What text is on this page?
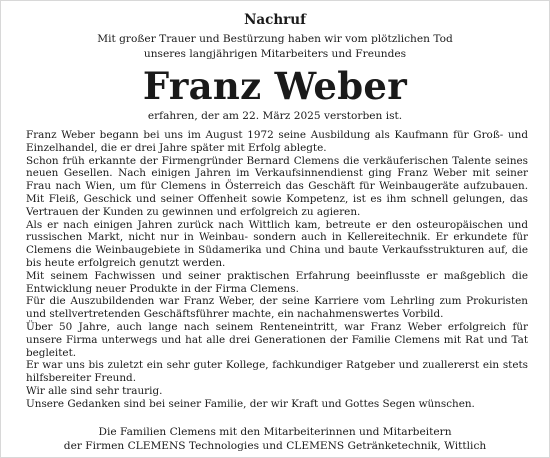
Nachruf
Mit großer Trauer und Bestürzung haben wir vom plötzlichen Tod
unseres langjährigen Mitarbeiters und Freundes
Franz Weber
erfahren, der am 22. März 2025 verstorben ist.

Franz Weber begann bei uns im August 1972 seine Ausbildung als Kaufmann für Groß- und Einzelhandel, die er drei Jahre später mit Erfolg ablegte.

Schon früh erkannte der Firmengründer Bernard Clemens die verkäuferischen Talente seines neuen Gesellen. Nach einigen Jahren im Verkaufsinnendienst ging Franz Weber mit seiner Frau nach Wien, um für Clemens in Österreich das Geschäft für Weinbaugeräte aufzubauen. Mit Fleiß, Geschick und seiner Offenheit sowie Kompetenz, ist es ihm schnell gelungen, das Vertrauen der Kunden zu gewinnen und erfolgreich zu agieren.

Als er nach einigen Jahren zurück nach Wittlich kam, betreute er den osteuropäischen und russischen Markt, nicht nur in Weinbau- sondern auch in Kellereitechnik. Er erkundete für Clemens die Weinbaugebiete in Südamerika und China und baute Verkaufsstrukturen auf, die bis heute erfolgreich genutzt werden.

Mit seinem Fachwissen und seiner praktischen Erfahrung beeinflusste er maßgeblich die Entwicklung neuer Produkte in der Firma Clemens.

Für die Auszubildenden war Franz Weber, der seine Karriere vom Lehrling zum Prokuristen und stellvertretenden Geschäftsführer machte, ein nachahmenswertes Vorbild.

Über 50 Jahre, auch lange nach seinem Renteneintritt, war Franz Weber erfolgreich für unsere Firma unterwegs und hat alle drei Generationen der Familie Clemens mit Rat und Tat begleitet.

Er war uns bis zuletzt ein sehr guter Kollege, fachkundiger Ratgeber und zuallererst ein stets hilfsbereiter Freund.

Wir alle sind sehr traurig.

Unsere Gedanken sind bei seiner Familie, der wir Kraft und Gottes Segen wünschen.

Die Familien Clemens mit den Mitarbeiterinnen und Mitarbeitern
der Firmen CLEMENS Technologies und CLEMENS Getränketechnik, Wittlich
